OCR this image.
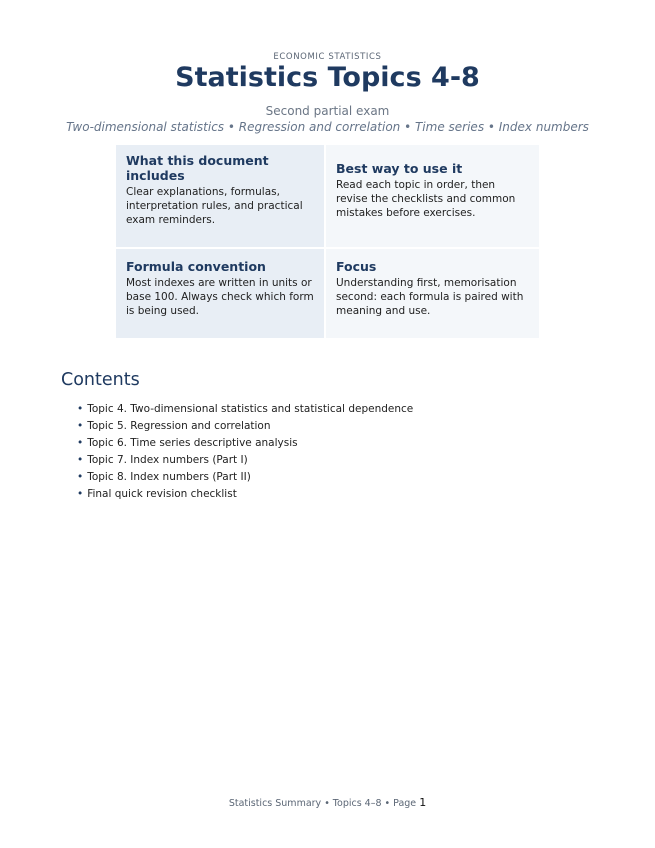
ECONOMIC STATISTICS
Statistics Topics 4-8
Second partial exam
Two-dimensional statistics • Regression and correlation • Time series • Index numbers
What this document includes

Clear explanations, formulas, interpretation rules, and practical exam reminders.

Best way to use it

Read each topic in order, then revise the checklists and common mistakes before exercises.

Formula convention

Most indexes are written in units or base 100. Always check which form is being used.

Focus

Understanding first, memorisation second: each formula is paired with meaning and use.

Contents
• Topic 4. Two-dimensional statistics and statistical dependence
• Topic 5. Regression and correlation
• Topic 6. Time series descriptive analysis
• Topic 7. Index numbers (Part I)
• Topic 8. Index numbers (Part II)
• Final quick revision checklist
Statistics Summary • Topics 4–8 • Page 1
